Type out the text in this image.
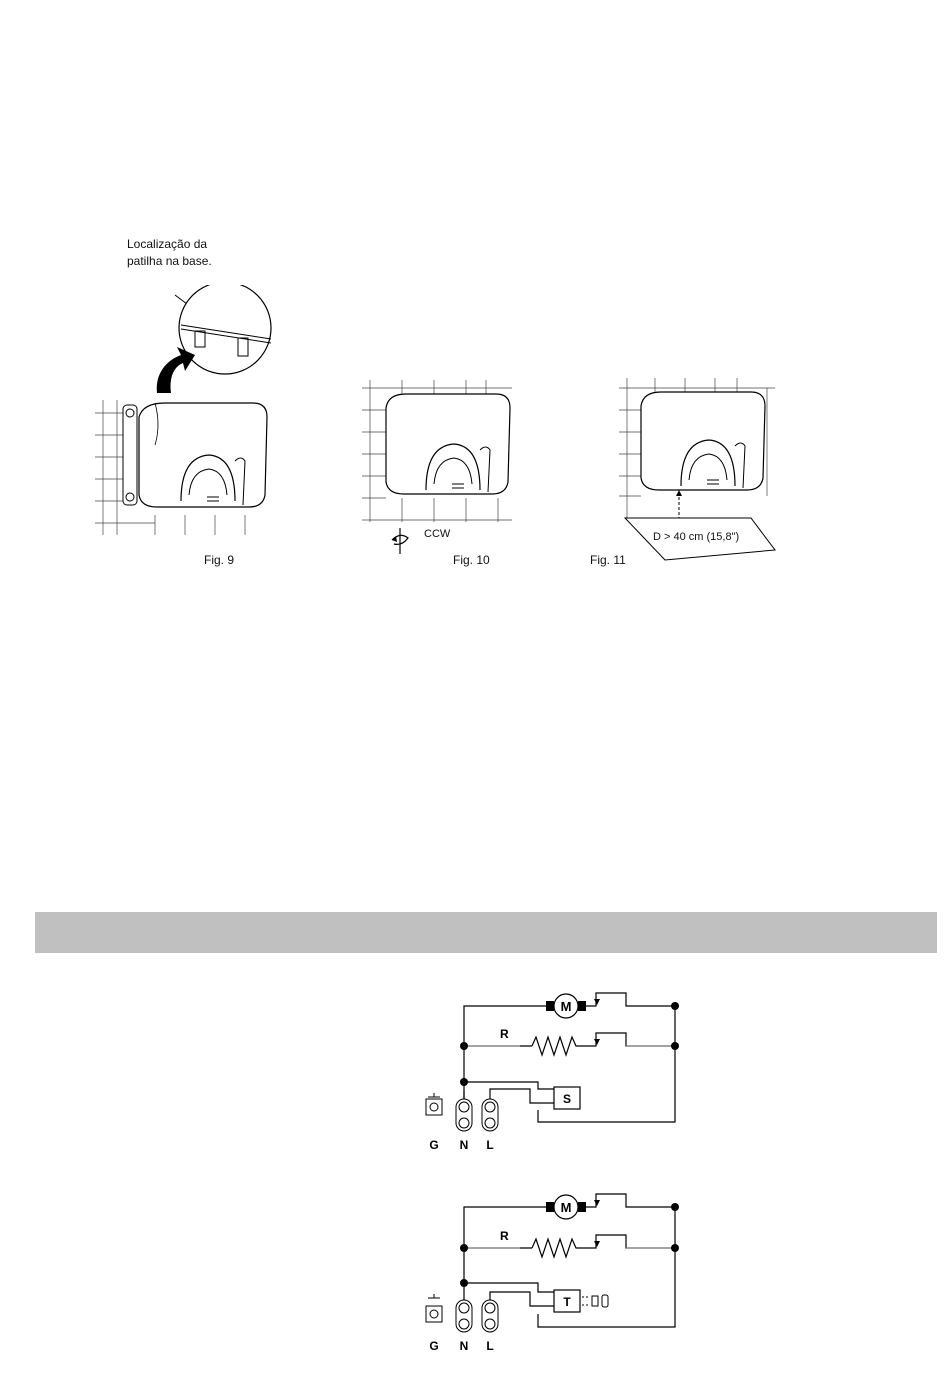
Localização da
patilha na base.
Fig. 9
CCW
Fig. 10
D > 40 cm (15,8")
Fig. 11
M
R
S
G N L
M
R
T
G N L
